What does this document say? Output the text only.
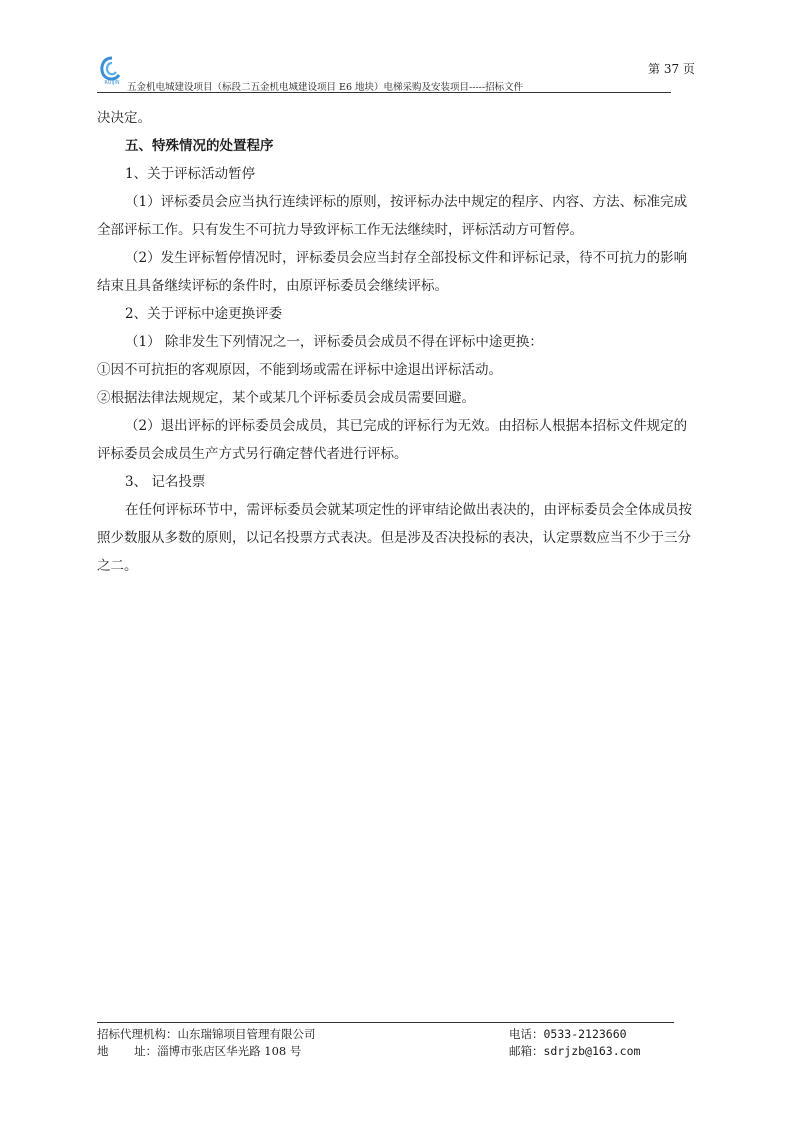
RUIJIN
第 37 页
五金机电城建设项目（标段二五金机电城建设项目 E6 地块）电梯采购及安装项目-----招标文件

决决定。

五、特殊情况的处置程序

1、关于评标活动暂停

（1）评标委员会应当执行连续评标的原则，按评标办法中规定的程序、内容、方法、标准完成全部评标工作。只有发生不可抗力导致评标工作无法继续时，评标活动方可暂停。

（2）发生评标暂停情况时，评标委员会应当封存全部投标文件和评标记录，待不可抗力的影响结束且具备继续评标的条件时，由原评标委员会继续评标。

2、关于评标中途更换评委

（1） 除非发生下列情况之一，评标委员会成员不得在评标中途更换：

①因不可抗拒的客观原因，不能到场或需在评标中途退出评标活动。

②根据法律法规规定，某个或某几个评标委员会成员需要回避。

（2）退出评标的评标委员会成员，其已完成的评标行为无效。由招标人根据本招标文件规定的评标委员会成员生产方式另行确定替代者进行评标。

3、 记名投票

在任何评标环节中，需评标委员会就某项定性的评审结论做出表决的，由评标委员会全体成员按照少数服从多数的原则，以记名投票方式表决。但是涉及否决投标的表决，认定票数应当不少于三分之二。

招标代理机构：山东瑞锦项目管理有限公司	电话：0533-2123660
地       址：淄博市张店区华光路 108 号	邮箱：sdrjzb@163.com
